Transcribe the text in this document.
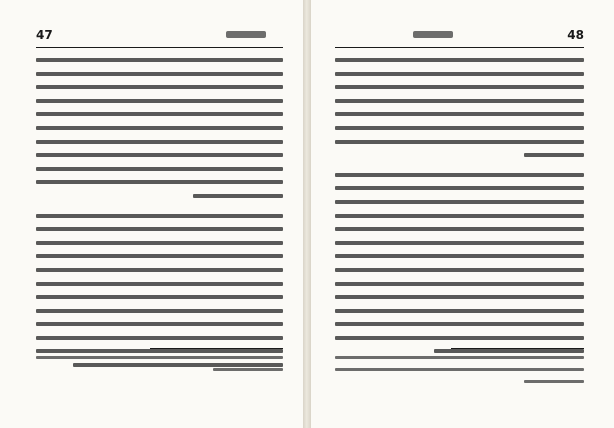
47	48
